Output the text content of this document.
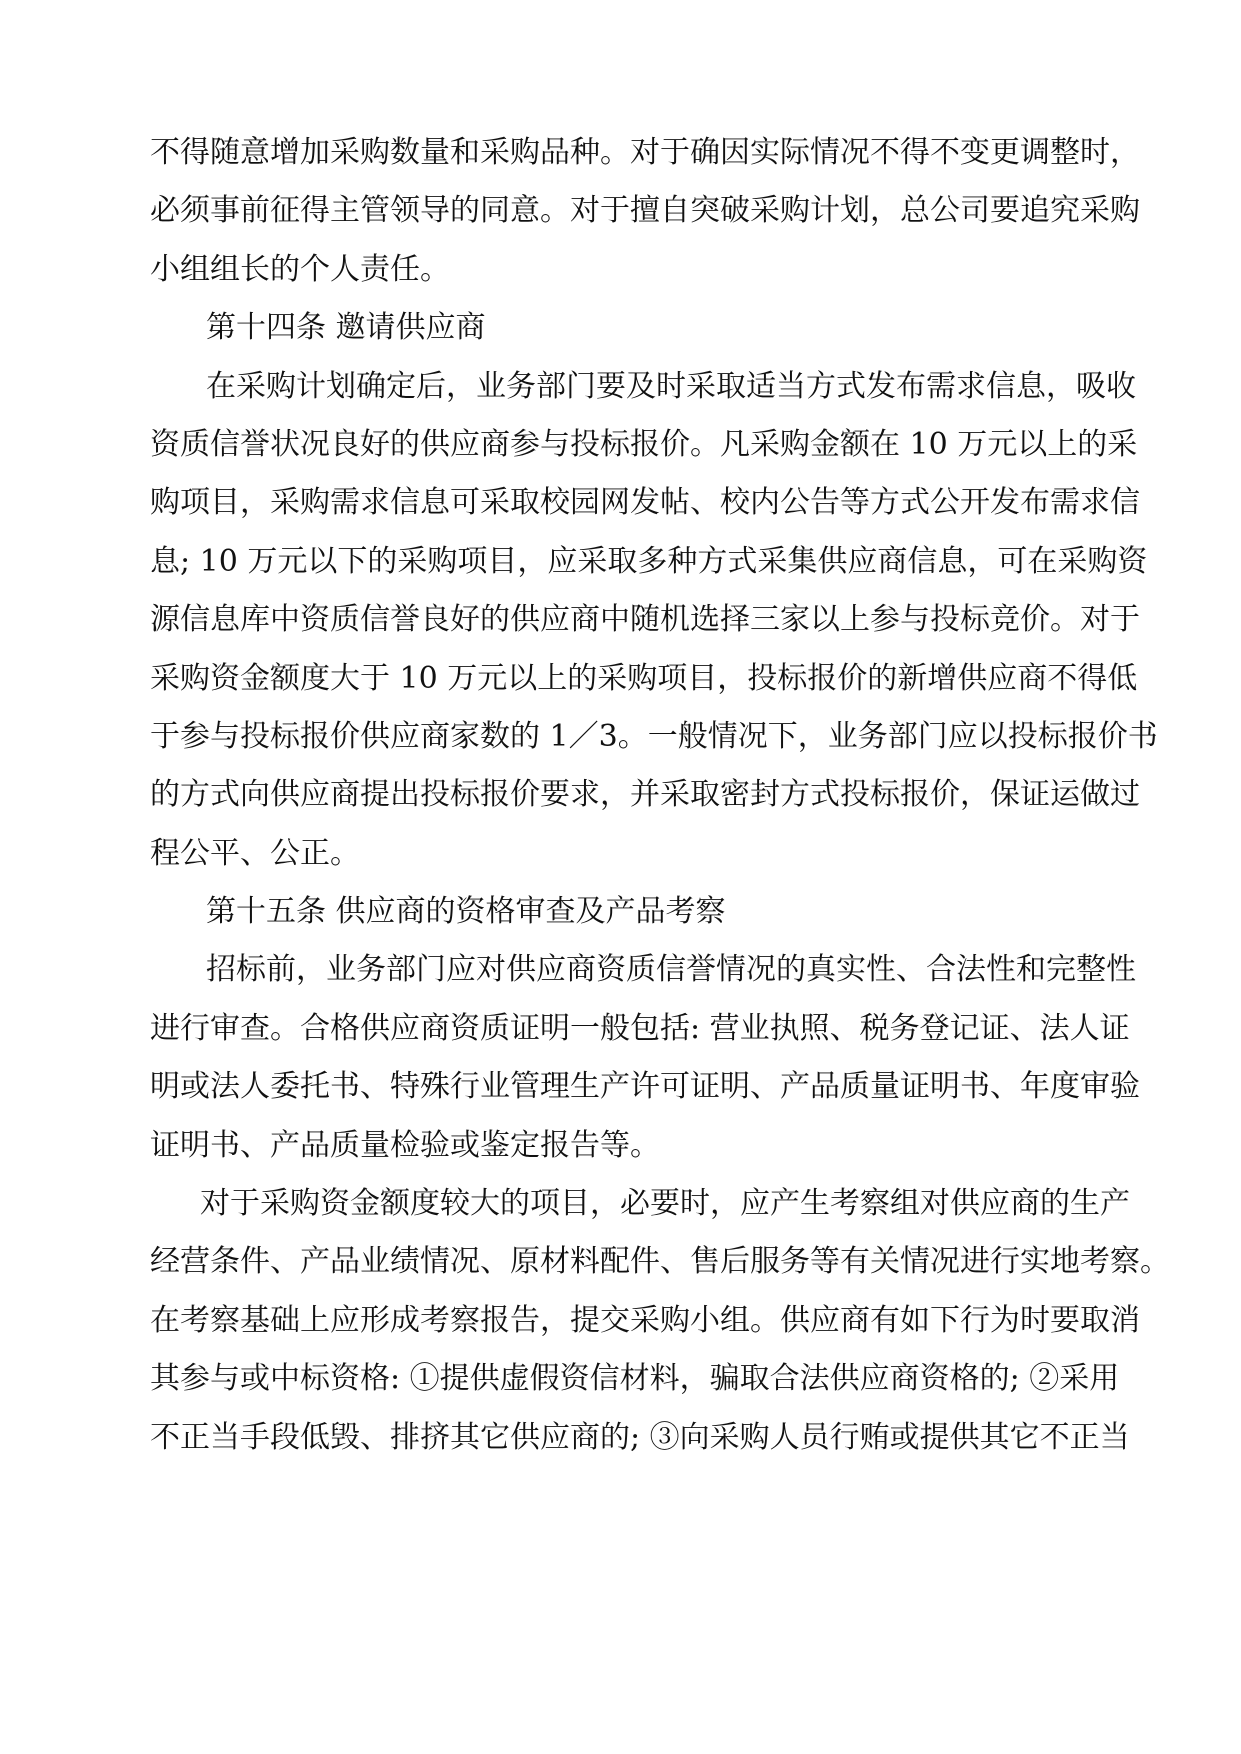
不得随意增加采购数量和采购品种。对于确因实际情况不得不变更调整时，
必须事前征得主管领导的同意。对于擅自突破采购计划，总公司要追究采购
小组组长的个人责任。
第十四条 邀请供应商
在采购计划确定后，业务部门要及时采取适当方式发布需求信息，吸收
资质信誉状况良好的供应商参与投标报价。凡采购金额在 10 万元以上的采
购项目，采购需求信息可采取校园网发帖、校内公告等方式公开发布需求信
息; 10 万元以下的采购项目，应采取多种方式采集供应商信息，可在采购资
源信息库中资质信誉良好的供应商中随机选择三家以上参与投标竞价。对于
采购资金额度大于 10 万元以上的采购项目，投标报价的新增供应商不得低
于参与投标报价供应商家数的 1／3。一般情况下，业务部门应以投标报价书
的方式向供应商提出投标报价要求，并采取密封方式投标报价，保证运做过
程公平、公正。
第十五条 供应商的资格审查及产品考察
招标前，业务部门应对供应商资质信誉情况的真实性、合法性和完整性
进行审查。合格供应商资质证明一般包括: 营业执照、税务登记证、法人证
明或法人委托书、特殊行业管理生产许可证明、产品质量证明书、年度审验
证明书、产品质量检验或鉴定报告等。
对于采购资金额度较大的项目，必要时，应产生考察组对供应商的生产
经营条件、产品业绩情况、原材料配件、售后服务等有关情况进行实地考察。
在考察基础上应形成考察报告，提交采购小组。供应商有如下行为时要取消
其参与或中标资格: ①提供虚假资信材料，骗取合法供应商资格的; ②采用
不正当手段低毁、排挤其它供应商的; ③向采购人员行贿或提供其它不正当
